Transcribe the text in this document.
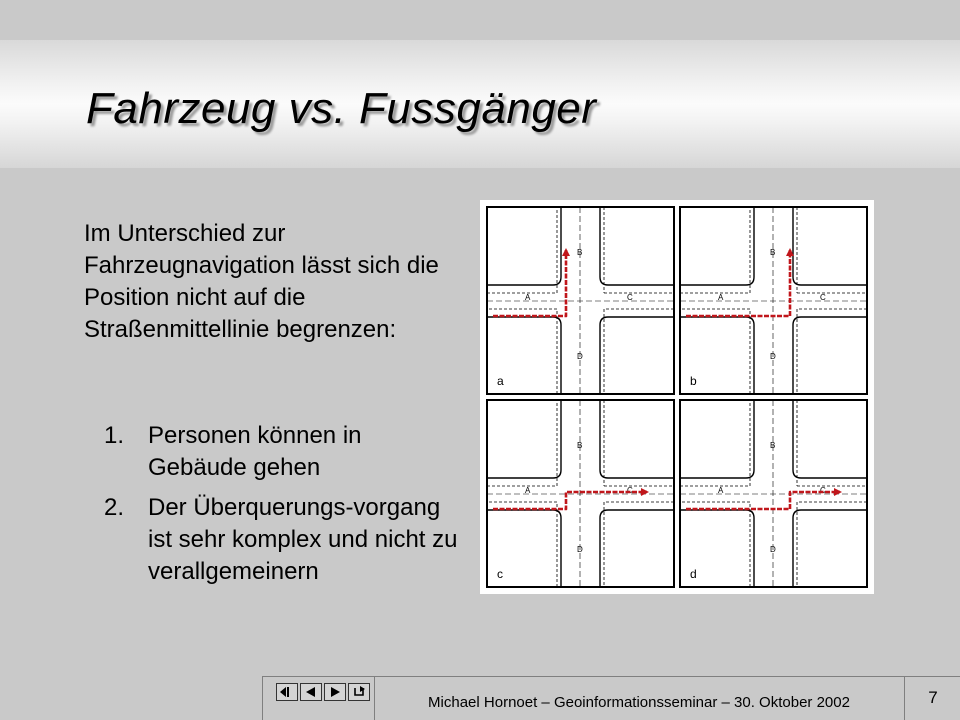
Fahrzeug vs. Fussgänger
Im Unterschied zur Fahrzeugnavigation lässt sich die Position nicht auf die Straßenmittellinie begrenzen:
1. Personen können in Gebäude gehen
2. Der Überquerungs-vorgang ist sehr komplex und nicht zu verallgemeinern
A
B
C
D
a
A
B
C
D
b
A
B
C
D
c
A
B
C
D
d
Michael Hornoet – Geoinformationsseminar – 30. Oktober 2002	7
